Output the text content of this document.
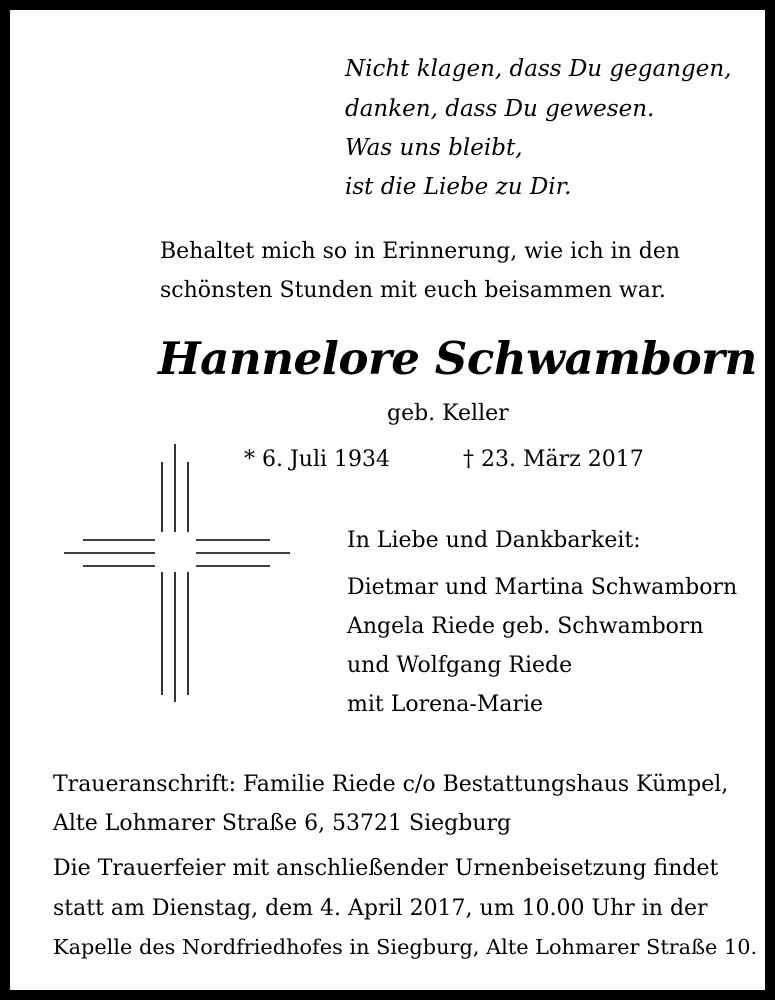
Nicht klagen, dass Du gegangen,

danken, dass Du gewesen.

Was uns bleibt,

ist die Liebe zu Dir.

Behaltet mich so in Erinnerung, wie ich in den

schönsten Stunden mit euch beisammen war.

Hannelore Schwamborn

geb. Keller

* 6. Juli 1934	† 23. März 2017

In Liebe und Dankbarkeit:

Dietmar und Martina Schwamborn

Angela Riede geb. Schwamborn

und Wolfgang Riede

mit Lorena-Marie

Traueranschrift: Familie Riede c/o Bestattungshaus Kümpel,

Alte Lohmarer Straße 6, 53721 Siegburg

Die Trauerfeier mit anschließender Urnenbeisetzung findet

statt am Dienstag, dem 4. April 2017, um 10.00 Uhr in der

Kapelle des Nordfriedhofes in Siegburg, Alte Lohmarer Straße 10.
